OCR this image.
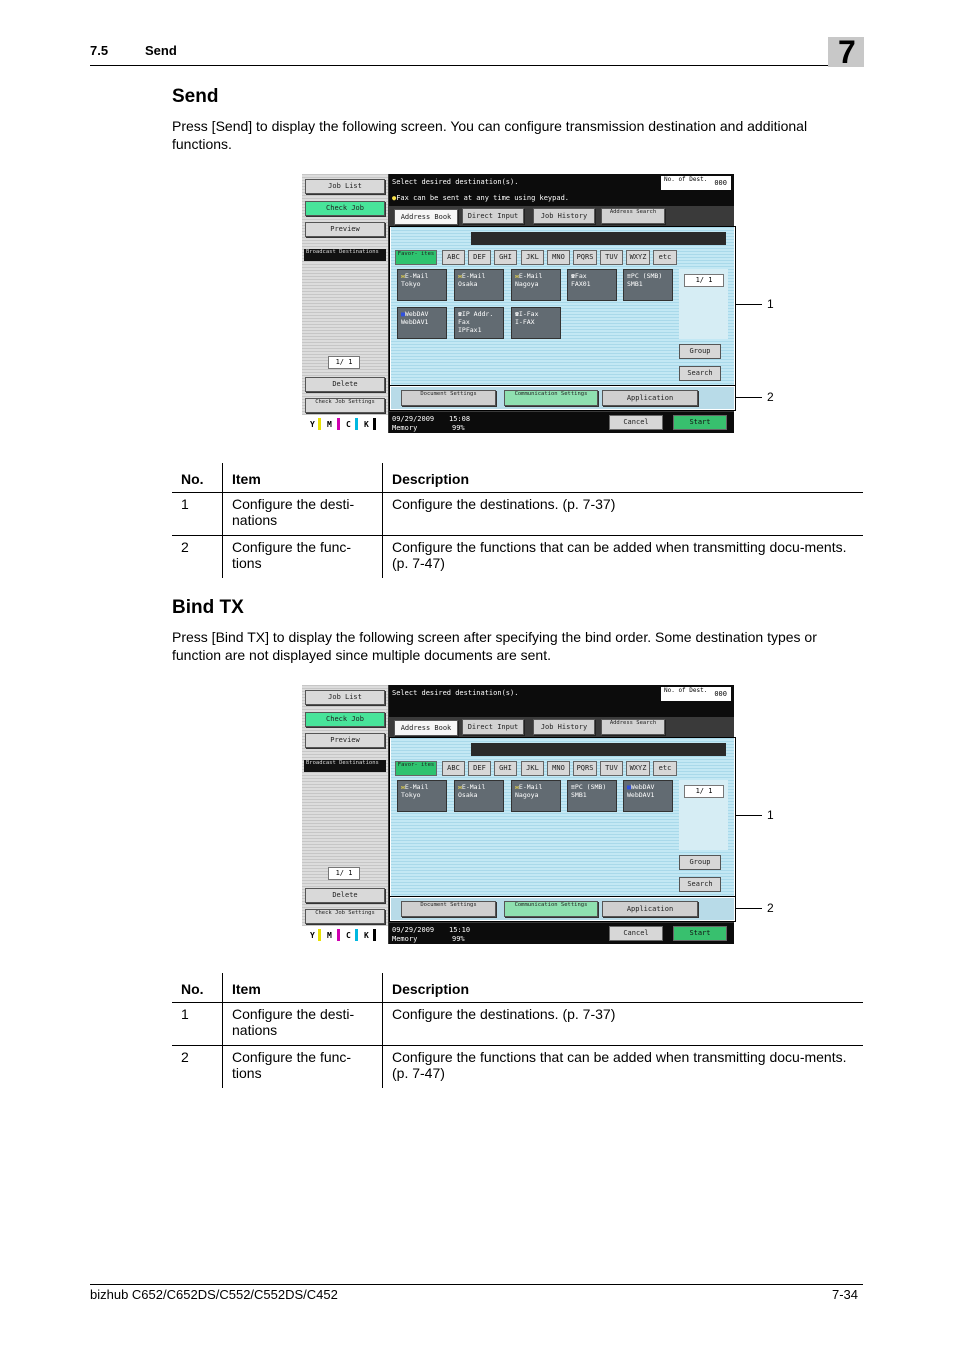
7.5	Send	7
Send

Press [Send] to display the following screen. You can configure transmission destination and additional functions.

Job List
Check Job
Preview
Broadcast Destinations
1/ 1
Delete
Check Job Settings
Y M C K
Select desired destination(s).
●Fax can be sent at any time using keypad.
No. of Dest. 000
Address Book	Direct Input	Job History	Address Search
Favor- ites	ABC	DEF	GHI	JKL	MNO	PQRS	TUV	WXYZ	etc
✉E-Mail
Tokyo
✉E-Mail
Osaka
✉E-Mail
Nagoya
☎Fax
FAX01
≡PC (SMB)
SMB1
■WebDAV
WebDAV1
☎IP Addr. Fax
IPFax1
☎I-Fax
I-FAX
1/ 1
Group
Search
Document Settings	Communication Settings	Application
09/29/2009 15:08
Memory	99%
Cancel	Start
1
2
No.	Item	Description
1	Configure the desti-nations	Configure the destinations. (p. 7-37)
2	Configure the func-tions	Configure the functions that can be added when transmitting docu-ments. (p. 7-47)
Bind TX

Press [Bind TX] to display the following screen after specifying the bind order. Some destination types or function are not displayed since multiple documents are sent.

Job List
Check Job
Preview
Broadcast Destinations
1/ 1
Delete
Check Job Settings
Y M C K
Select desired destination(s).	No. of Dest. 000
Address Book	Direct Input	Job History	Address Search
Favor- ites	ABC	DEF	GHI	JKL	MNO	PQRS	TUV	WXYZ	etc
✉E-Mail
Tokyo
✉E-Mail
Osaka
✉E-Mail
Nagoya
≡PC (SMB)
SMB1
■WebDAV
WebDAV1	1/ 1
Group
Search
Document Settings	Communication Settings	Application
09/29/2009 15:10
Memory	99%
Cancel	Start
1
2
No.	Item	Description
1	Configure the desti-nations	Configure the destinations. (p. 7-37)
2	Configure the func-tions	Configure the functions that can be added when transmitting docu-ments. (p. 7-47)
bizhub C652/C652DS/C552/C552DS/C452	7-34
